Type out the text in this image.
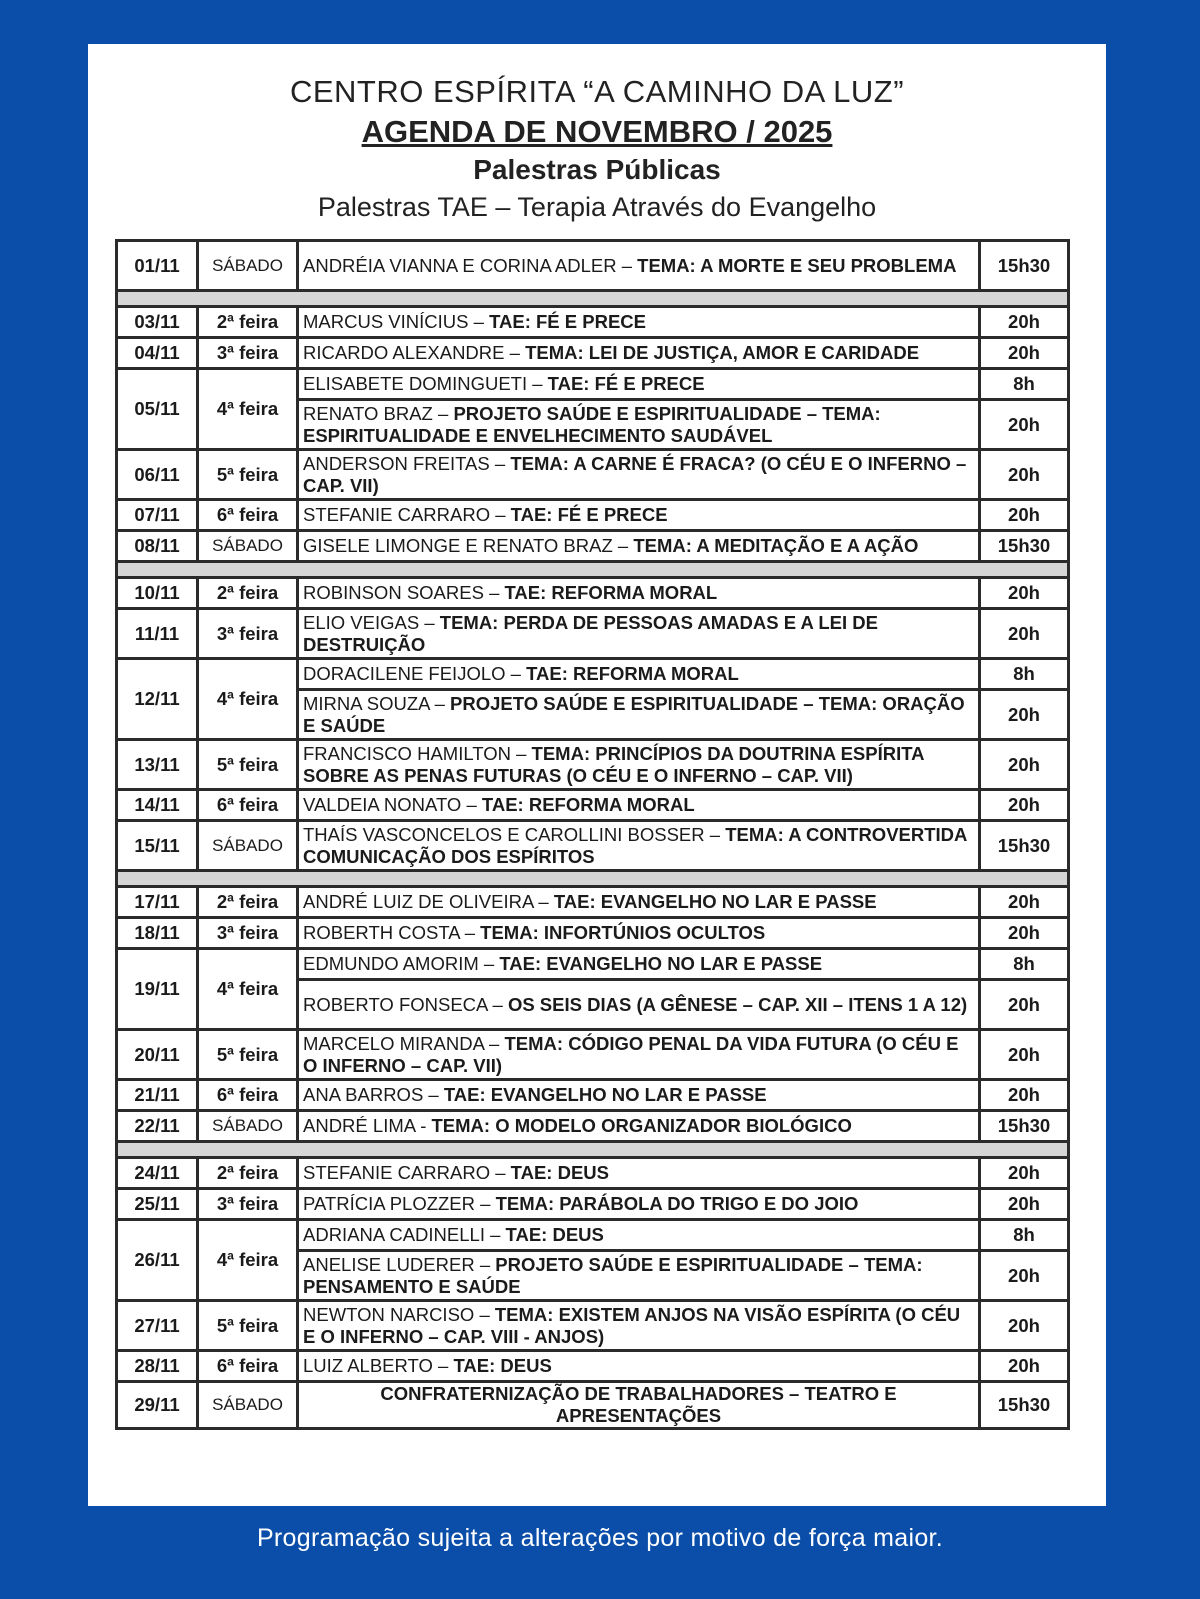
CENTRO ESPÍRITA “A CAMINHO DA LUZ”
AGENDA DE NOVEMBRO / 2025
Palestras Públicas
Palestras TAE – Terapia Através do Evangelho
01/11	SÁBADO	ANDRÉIA VIANNA E CORINA ADLER – TEMA: A MORTE E SEU PROBLEMA	15h30

03/11	2ª feira	MARCUS VINÍCIUS – TAE: FÉ E PRECE	20h
04/11	3ª feira	RICARDO ALEXANDRE – TEMA: LEI DE JUSTIÇA, AMOR E CARIDADE	20h
05/11	4ª feira	ELISABETE DOMINGUETI – TAE: FÉ E PRECE	8h
		RENATO BRAZ – PROJETO SAÚDE E ESPIRITUALIDADE – TEMA: ESPIRITUALIDADE E ENVELHECIMENTO SAUDÁVEL	20h
06/11	5ª feira	ANDERSON FREITAS – TEMA: A CARNE É FRACA? (O CÉU E O INFERNO – CAP. VII)	20h
07/11	6ª feira	STEFANIE CARRARO – TAE: FÉ E PRECE	20h
08/11	SÁBADO	GISELE LIMONGE E RENATO BRAZ – TEMA: A MEDITAÇÃO E A AÇÃO	15h30

10/11	2ª feira	ROBINSON SOARES – TAE: REFORMA MORAL	20h
11/11	3ª feira	ELIO VEIGAS – TEMA: PERDA DE PESSOAS AMADAS E A LEI DE DESTRUIÇÃO	20h
12/11	4ª feira	DORACILENE FEIJOLO – TAE: REFORMA MORAL	8h
		MIRNA SOUZA – PROJETO SAÚDE E ESPIRITUALIDADE – TEMA: ORAÇÃO E SAÚDE	20h
13/11	5ª feira	FRANCISCO HAMILTON – TEMA: PRINCÍPIOS DA DOUTRINA ESPÍRITA SOBRE AS PENAS FUTURAS (O CÉU E O INFERNO – CAP. VII)	20h
14/11	6ª feira	VALDEIA NONATO – TAE: REFORMA MORAL	20h
15/11	SÁBADO	THAÍS VASCONCELOS E CAROLLINI BOSSER – TEMA: A CONTROVERTIDA COMUNICAÇÃO DOS ESPÍRITOS	15h30

17/11	2ª feira	ANDRÉ LUIZ DE OLIVEIRA – TAE: EVANGELHO NO LAR E PASSE	20h
18/11	3ª feira	ROBERTH COSTA – TEMA: INFORTÚNIOS OCULTOS	20h
19/11	4ª feira	EDMUNDO AMORIM – TAE: EVANGELHO NO LAR E PASSE	8h
		ROBERTO FONSECA – OS SEIS DIAS (A GÊNESE – CAP. XII – ITENS 1 A 12)	20h
20/11	5ª feira	MARCELO MIRANDA – TEMA: CÓDIGO PENAL DA VIDA FUTURA (O CÉU E O INFERNO – CAP. VII)	20h
21/11	6ª feira	ANA BARROS – TAE: EVANGELHO NO LAR E PASSE	20h
22/11	SÁBADO	ANDRÉ LIMA - TEMA: O MODELO ORGANIZADOR BIOLÓGICO	15h30

24/11	2ª feira	STEFANIE CARRARO – TAE: DEUS	20h
25/11	3ª feira	PATRÍCIA PLOZZER – TEMA: PARÁBOLA DO TRIGO E DO JOIO	20h
26/11	4ª feira	ADRIANA CADINELLI – TAE: DEUS	8h
		ANELISE LUDERER – PROJETO SAÚDE E ESPIRITUALIDADE – TEMA: PENSAMENTO E SAÚDE	20h
27/11	5ª feira	NEWTON NARCISO – TEMA: EXISTEM ANJOS NA VISÃO ESPÍRITA (O CÉU E O INFERNO – CAP. VIII - ANJOS)	20h
28/11	6ª feira	LUIZ ALBERTO – TAE: DEUS	20h
29/11	SÁBADO	CONFRATERNIZAÇÃO DE TRABALHADORES – TEATRO E APRESENTAÇÕES	15h30
Programação sujeita a alterações por motivo de força maior.
